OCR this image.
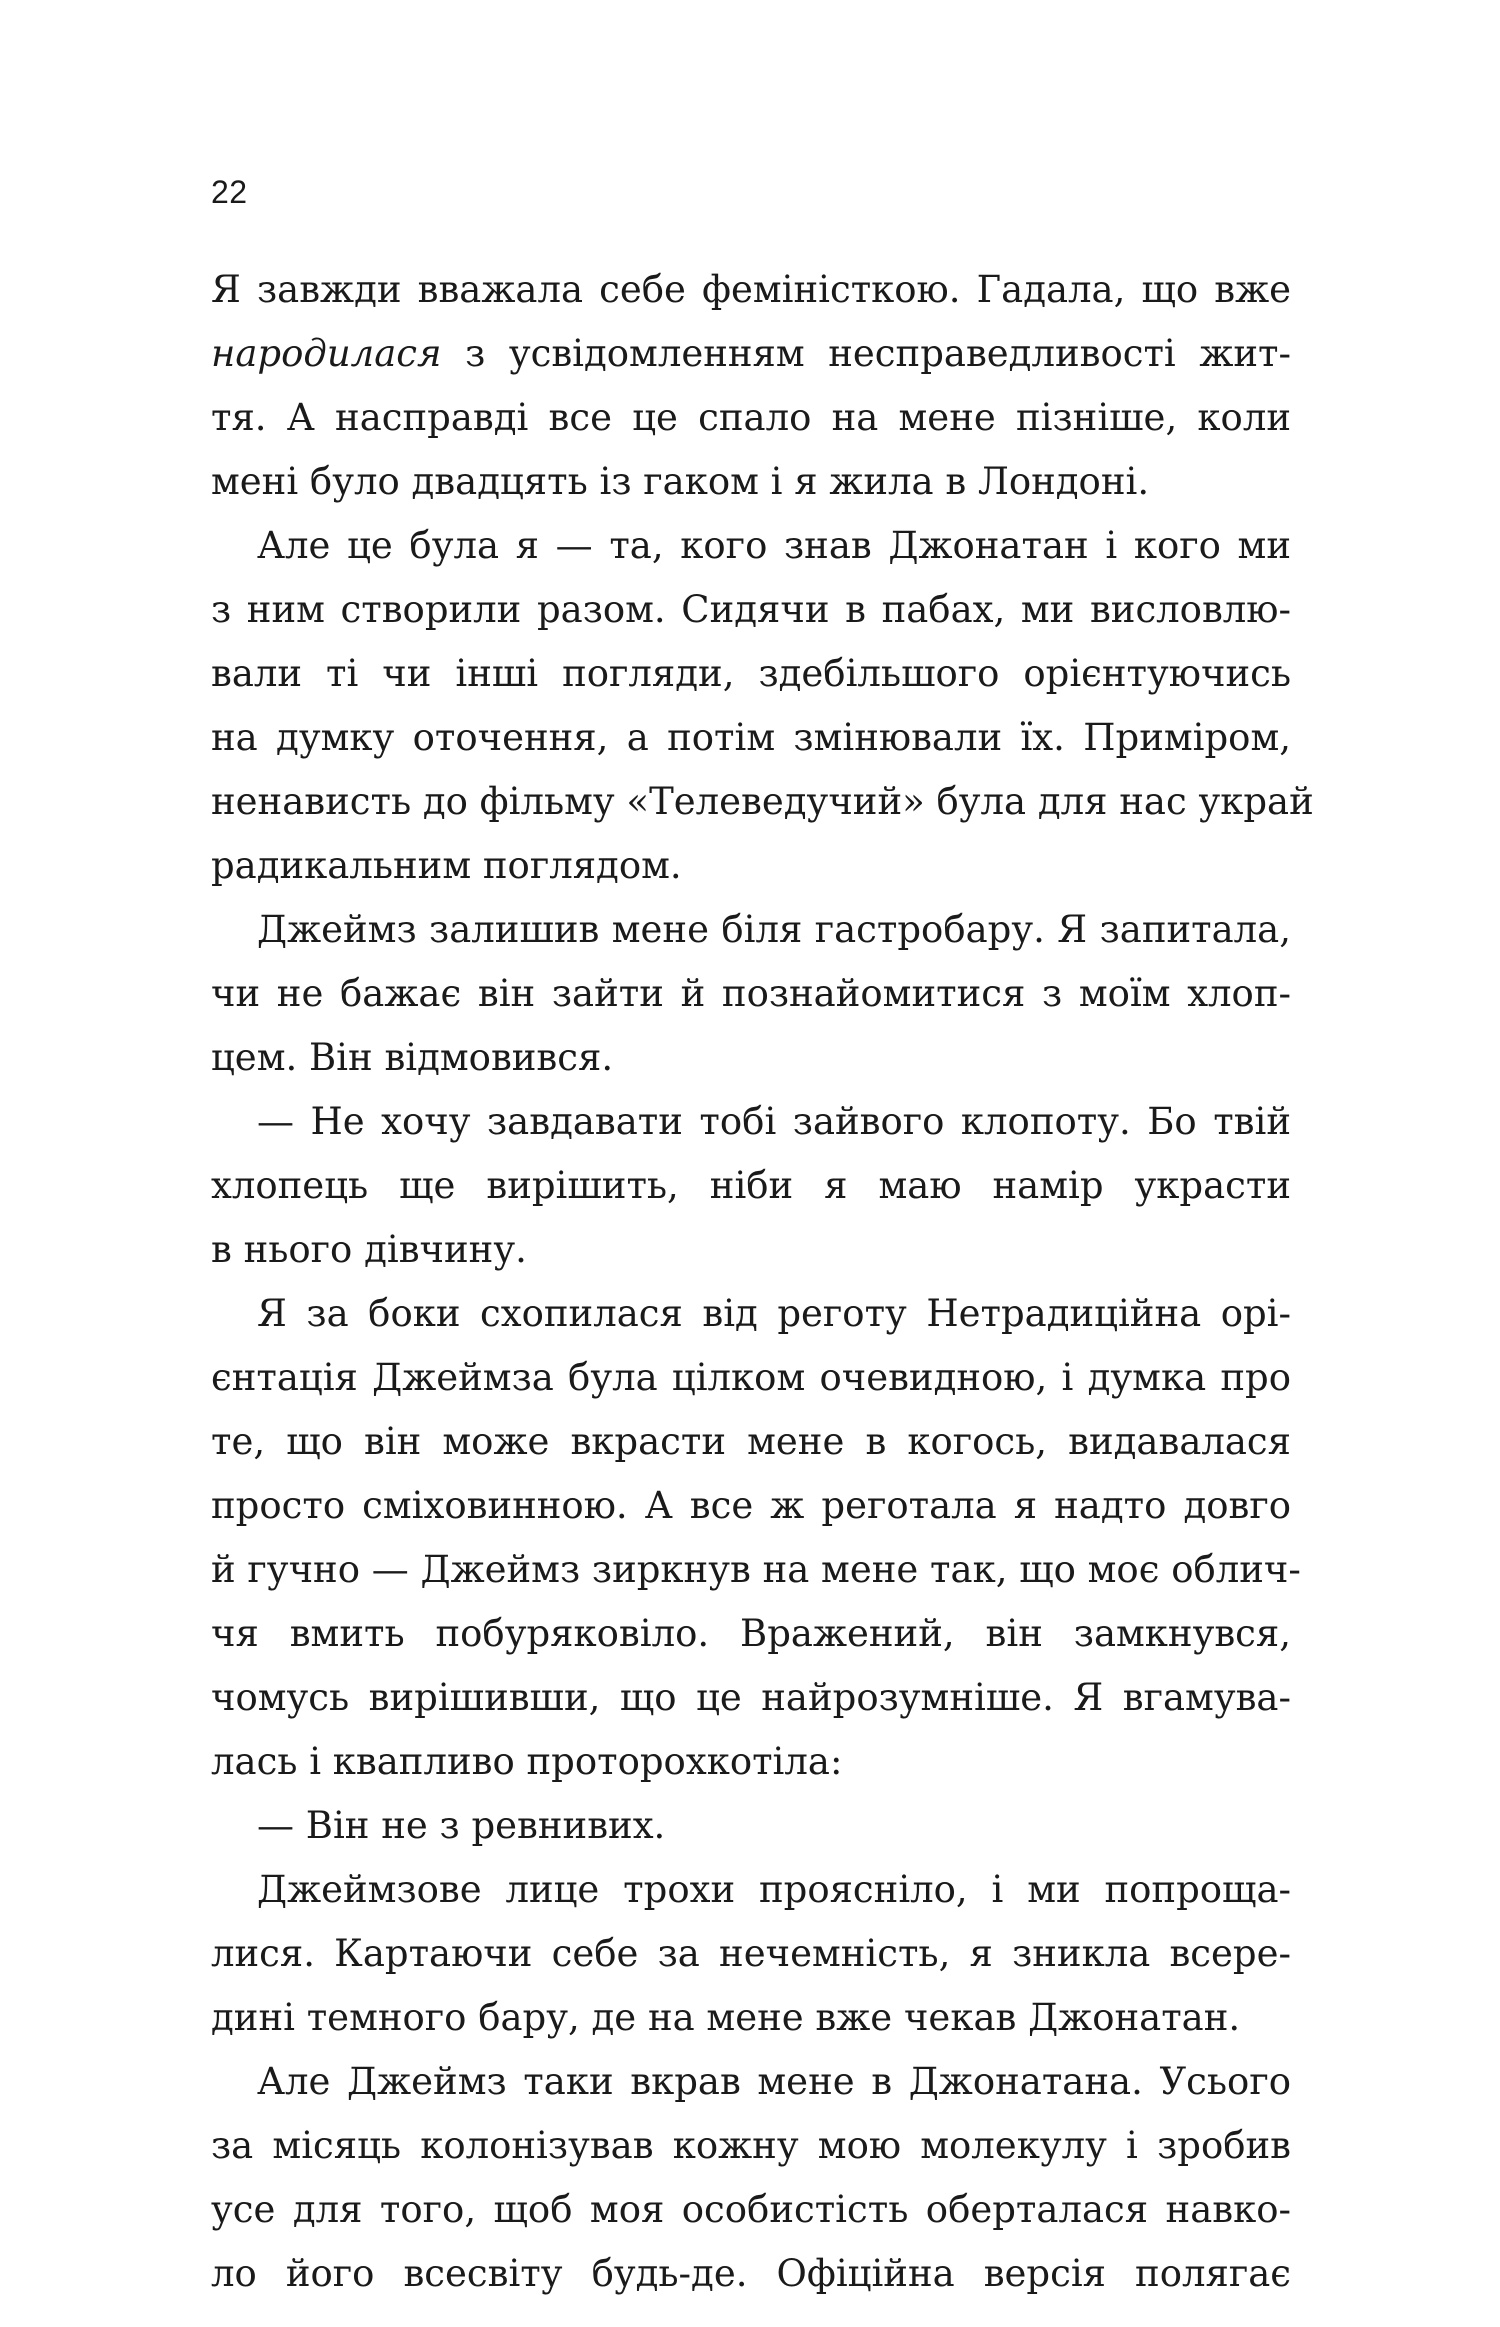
22
Я завжди вважала себе феміністкою. Гадала, що вже
народилася з усвідомленням несправедливості жит-
тя. А насправді все це спало на мене пізніше, коли
мені було двадцять із гаком і я жила в Лондоні.
Але це була я — та, кого знав Джонатан і кого ми
з ним створили разом. Сидячи в пабах, ми висловлю-
вали ті чи інші погляди, здебільшого орієнтуючись
на думку оточення, а потім змінювали їх. Приміром,
ненависть до фільму «Телеведучий» була для нас украй
радикальним поглядом.
Джеймз залишив мене біля гастробару. Я запитала,
чи не бажає він зайти й познайомитися з моїм хлоп-
цем. Він відмовився.
— Не хочу завдавати тобі зайвого клопоту. Бо твій
хлопець ще вирішить, ніби я маю намір украсти
в нього дівчину.
Я за боки схопилася від реготу Нетрадиційна орі-
єнтація Джеймза була цілком очевидною, і думка про
те, що він може вкрасти мене в когось, видавалася
просто сміховинною. А все ж реготала я надто довго
й гучно — Джеймз зиркнув на мене так, що моє облич-
чя вмить побуряковіло. Вражений, він замкнувся,
чомусь вирішивши, що це найрозумніше. Я вгамува-
лась і квапливо проторохкотіла:
— Він не з ревнивих.
Джеймзове лице трохи проясніло, і ми попроща-
лися. Картаючи себе за нечемність, я зникла всере-
дині темного бару, де на мене вже чекав Джонатан.
Але Джеймз таки вкрав мене в Джонатана. Усього
за місяць колонізував кожну мою молекулу і зробив
усе для того, щоб моя особистість оберталася навко-
ло його всесвіту будь-де. Офіційна версія полягає
